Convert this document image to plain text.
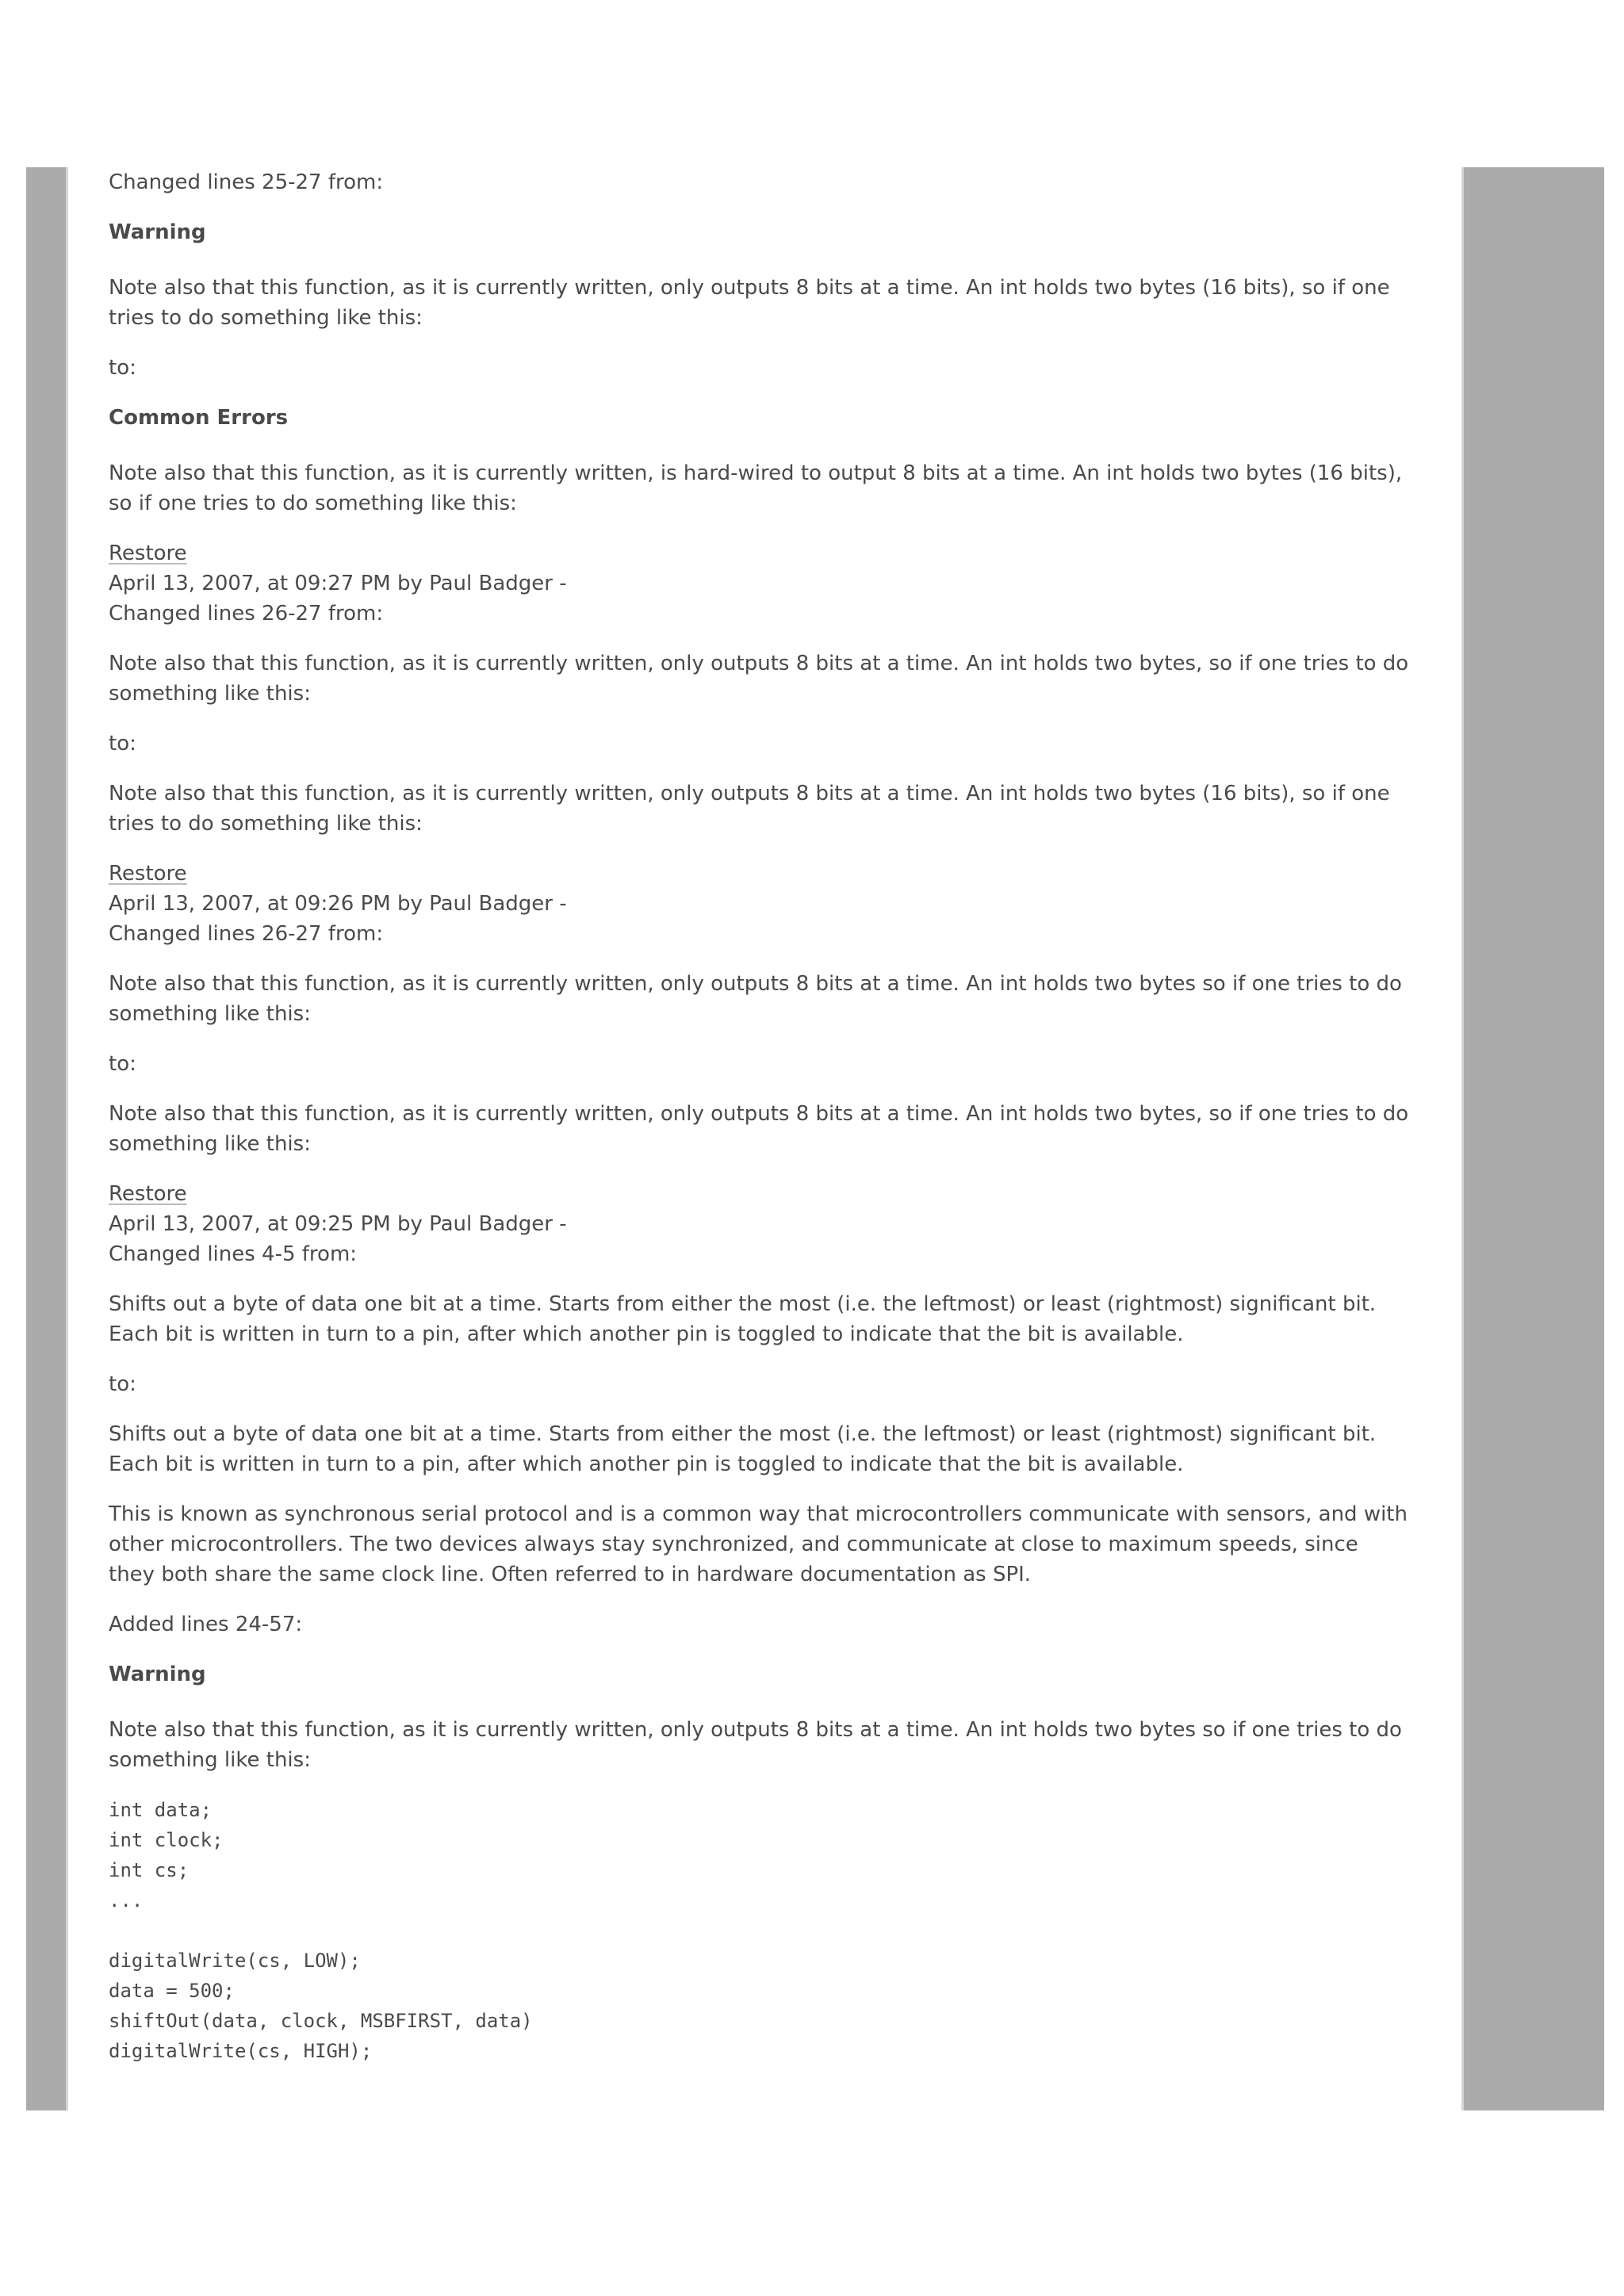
Changed lines 25-27 from:

Warning

Note also that this function, as it is currently written, only outputs 8 bits at a time. An int holds two bytes (16 bits), so if one tries to do something like this:

to:

Common Errors

Note also that this function, as it is currently written, is hard-wired to output 8 bits at a time. An int holds two bytes (16 bits), so if one tries to do something like this:

Restore

April 13, 2007, at 09:27 PM by Paul Badger -

Changed lines 26-27 from:

Note also that this function, as it is currently written, only outputs 8 bits at a time. An int holds two bytes, so if one tries to do something like this:

to:

Note also that this function, as it is currently written, only outputs 8 bits at a time. An int holds two bytes (16 bits), so if one tries to do something like this:

Restore

April 13, 2007, at 09:26 PM by Paul Badger -

Changed lines 26-27 from:

Note also that this function, as it is currently written, only outputs 8 bits at a time. An int holds two bytes so if one tries to do something like this:

to:

Note also that this function, as it is currently written, only outputs 8 bits at a time. An int holds two bytes, so if one tries to do something like this:

Restore

April 13, 2007, at 09:25 PM by Paul Badger -

Changed lines 4-5 from:

Shifts out a byte of data one bit at a time. Starts from either the most (i.e. the leftmost) or least (rightmost) significant bit. Each bit is written in turn to a pin, after which another pin is toggled to indicate that the bit is available.

to:

Shifts out a byte of data one bit at a time. Starts from either the most (i.e. the leftmost) or least (rightmost) significant bit. Each bit is written in turn to a pin, after which another pin is toggled to indicate that the bit is available.

This is known as synchronous serial protocol and is a common way that microcontrollers communicate with sensors, and with other microcontrollers. The two devices always stay synchronized, and communicate at close to maximum speeds, since they both share the same clock line. Often referred to in hardware documentation as SPI.

Added lines 24-57:

Warning

Note also that this function, as it is currently written, only outputs 8 bits at a time. An int holds two bytes so if one tries to do something like this:

int data;
int clock;
int cs;
...

digitalWrite(cs, LOW);
data = 500;
shiftOut(data, clock, MSBFIRST, data)
digitalWrite(cs, HIGH);
